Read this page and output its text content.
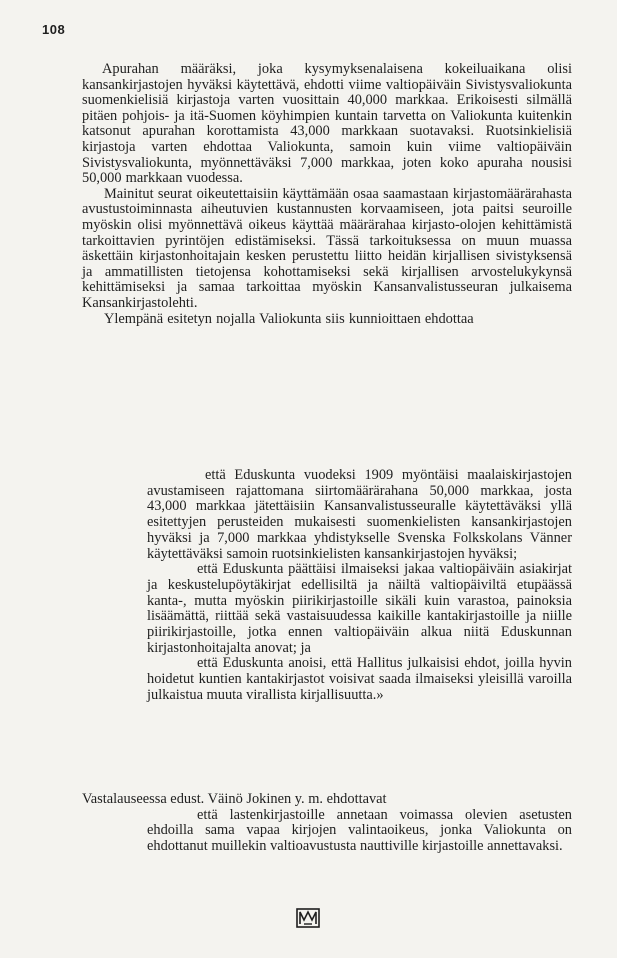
108

Apurahan määräksi, joka kysymyksenalaisena kokeiluaikana olisi kansankirjastojen hyväksi käytettävä, ehdotti viime valtiopäiväin Sivistysvaliokunta suomenkielisiä kirjastoja varten vuosittain 40,000 markkaa. Erikoisesti silmällä pitäen pohjois- ja itä-Suomen köyhimpien kuntain tarvetta on Valiokunta kuitenkin katsonut apurahan korottamista 43,000 markkaan suotavaksi. Ruotsinkielisiä kirjastoja varten ehdottaa Valiokunta, samoin kuin viime valtiopäiväin Sivistysvaliokunta, myönnettäväksi 7,000 markkaa, joten koko apuraha nousisi 50,000 markkaan vuodessa.

Mainitut seurat oikeutettaisiin käyttämään osaa saamastaan kirjastomäärärahasta avustustoiminnasta aiheutuvien kustannusten korvaamiseen, jota paitsi seuroille myöskin olisi myönnettävä oikeus käyttää määrärahaa kirjasto-olojen kehittämistä tarkoittavien pyrintöjen edistämiseksi. Tässä tarkoituksessa on muun muassa äskettäin kirjastonhoitajain kesken perustettu liitto heidän kirjallisen sivistyksensä ja ammatillisten tietojensa kohottamiseksi sekä kirjallisen arvostelukykynsä kehittämiseksi ja samaa tarkoittaa myöskin Kansanvalistusseuran julkaisema Kansankirjastolehti.

Ylempänä esitetyn nojalla Valiokunta siis kunnioittaen ehdottaa

että Eduskunta vuodeksi 1909 myöntäisi maalaiskirjastojen avustamiseen rajattomana siirtomäärärahana 50,000 markkaa, josta 43,000 markkaa jätettäisiin Kansanvalistusseuralle käytettäväksi yllä esitettyjen perusteiden mukaisesti suomenkielisten kansankirjastojen hyväksi ja 7,000 markkaa yhdistykselle Svenska Folkskolans Vänner käytettäväksi samoin ruotsinkielisten kansankirjastojen hyväksi;

että Eduskunta päättäisi ilmaiseksi jakaa valtiopäiväin asiakirjat ja keskustelupöytäkirjat edellisiltä ja näiltä valtiopäiviltä etupäässä kanta-, mutta myöskin piirikirjastoille sikäli kuin varastoa, painoksia lisäämättä, riittää sekä vastaisuudessa kaikille kantakirjastoille ja niille piirikirjastoille, jotka ennen valtiopäiväin alkua niitä Eduskunnan kirjastonhoitajalta anovat; ja

että Eduskunta anoisi, että Hallitus julkaisisi ehdot, joilla hyvin hoidetut kuntien kantakirjastot voisivat saada ilmaiseksi yleisillä varoilla julkaistua muuta virallista kirjallisuutta.»

Vastalauseessa edust. Väinö Jokinen y. m. ehdottavat

että lastenkirjastoille annetaan voimassa olevien asetusten ehdoilla sama vapaa kirjojen valintaoikeus, jonka Valiokunta on ehdottanut muillekin valtioavustusta nauttiville kirjastoille annettavaksi.
